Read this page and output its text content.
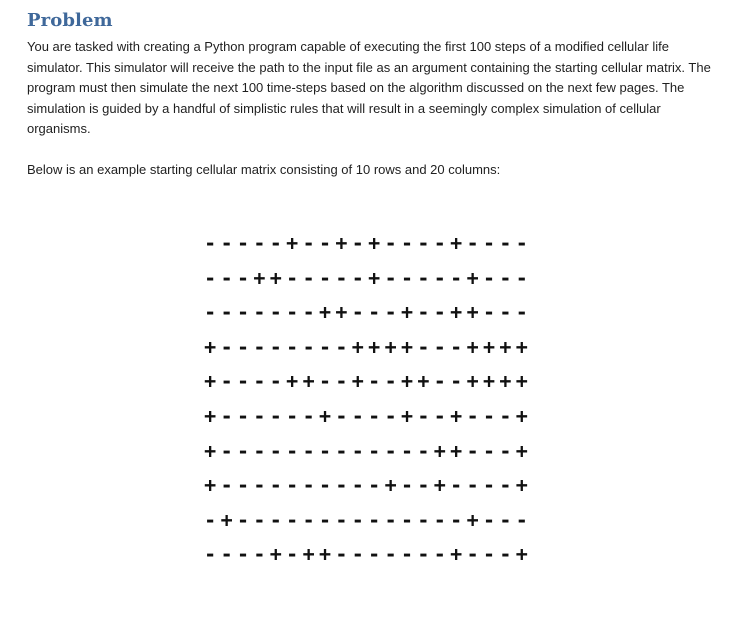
Problem

You are tasked with creating a Python program capable of executing the first 100 steps of a modified cellular life simulator. This simulator will receive the path to the input file as an argument containing the starting cellular matrix. The program must then simulate the next 100 time-steps based on the algorithm discussed on the next few pages. The simulation is guided by a handful of simplistic rules that will result in a seemingly complex simulation of cellular organisms.

Below is an example starting cellular matrix consisting of 10 rows and 20 columns:

- - - - - + - - + - + - - - - + - - - -
- - - + + - - - - - + - - - - - + - - -
- - - - - - - + + - - - + - - + + - - -
+ - - - - - - - - + + + + - - - + + + +
+ - - - - + + - - + - - + + - - + + + +
+ - - - - - - + - - - - + - - + - - - +
+ - - - - - - - - - - - - - + + - - - +
+ - - - - - - - - - - + - - + - - - - +
- + - - - - - - - - - - - - - - + - - -
- - - - + - + + - - - - - - - + - - - +
